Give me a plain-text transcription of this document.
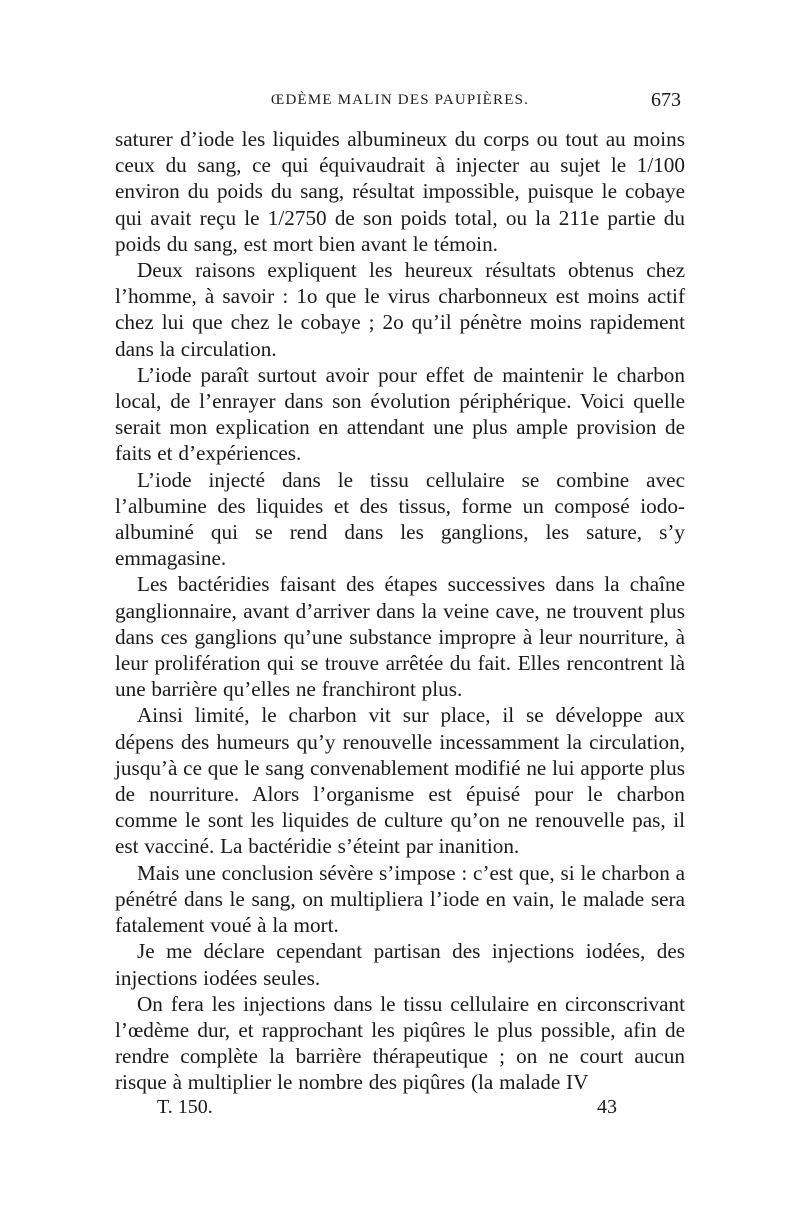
ŒDÈME MALIN DES PAUPIÈRES.	673

saturer d’iode les liquides albumineux du corps ou tout au moins ceux du sang, ce qui équivaudrait à injecter au sujet le 1/100 environ du poids du sang, résultat impossible, puisque le cobaye qui avait reçu le 1/2750 de son poids total, ou la 211e partie du poids du sang, est mort bien avant le témoin.

Deux raisons expliquent les heureux résultats obtenus chez l’homme, à savoir : 1o que le virus charbonneux est moins actif chez lui que chez le cobaye ; 2o qu’il pénètre moins rapidement dans la circulation.

L’iode paraît surtout avoir pour effet de maintenir le charbon local, de l’enrayer dans son évolution périphérique. Voici quelle serait mon explication en attendant une plus ample provision de faits et d’expériences.

L’iode injecté dans le tissu cellulaire se combine avec l’albumine des liquides et des tissus, forme un composé iodo-albuminé qui se rend dans les ganglions, les sature, s’y emmagasine.

Les bactéridies faisant des étapes successives dans la chaîne ganglionnaire, avant d’arriver dans la veine cave, ne trouvent plus dans ces ganglions qu’une substance impropre à leur nourriture, à leur prolifération qui se trouve arrêtée du fait. Elles rencontrent là une barrière qu’elles ne franchiront plus.

Ainsi limité, le charbon vit sur place, il se développe aux dépens des humeurs qu’y renouvelle incessamment la circulation, jusqu’à ce que le sang convenablement modifié ne lui apporte plus de nourriture. Alors l’organisme est épuisé pour le charbon comme le sont les liquides de culture qu’on ne renouvelle pas, il est vacciné. La bactéridie s’éteint par inanition.

Mais une conclusion sévère s’impose : c’est que, si le charbon a pénétré dans le sang, on multipliera l’iode en vain, le malade sera fatalement voué à la mort.

Je me déclare cependant partisan des injections iodées, des injections iodées seules.

On fera les injections dans le tissu cellulaire en circonscrivant l’œdème dur, et rapprochant les piqûres le plus possible, afin de rendre complète la barrière thérapeutique ; on ne court aucun risque à multiplier le nombre des piqûres (la malade IV

T. 150.	43
